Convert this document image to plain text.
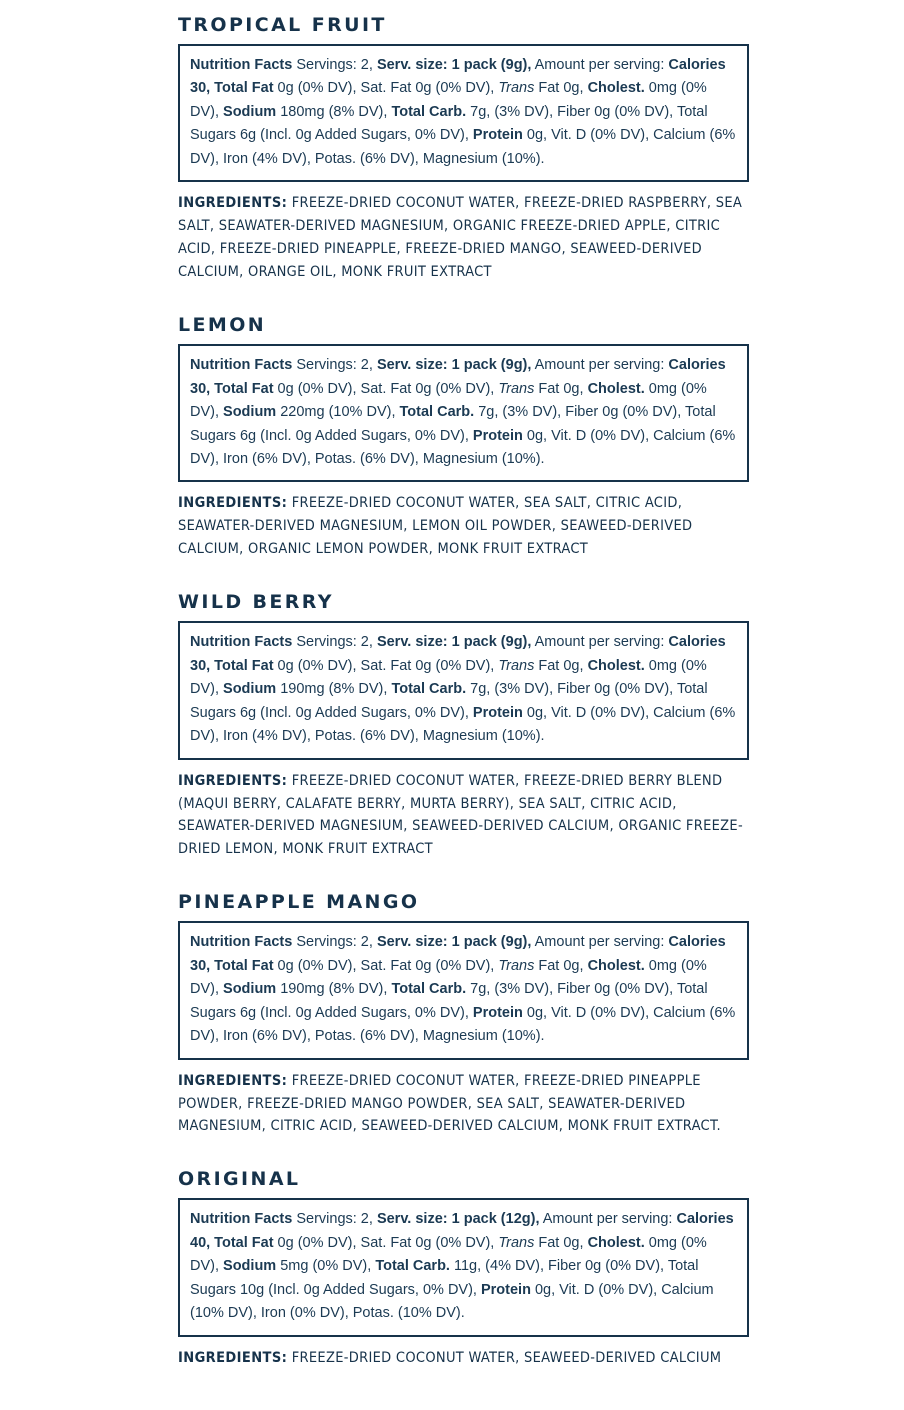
TROPICAL FRUIT

Nutrition Facts Servings: 2, Serv. size: 1 pack (9g), Amount per serving: Calories 30, Total Fat 0g (0% DV), Sat. Fat 0g (0% DV), Trans Fat 0g, Cholest. 0mg (0% DV), Sodium 180mg (8% DV), Total Carb. 7g, (3% DV), Fiber 0g (0% DV), Total Sugars 6g (Incl. 0g Added Sugars, 0% DV), Protein 0g, Vit. D (0% DV), Calcium (6% DV), Iron (4% DV), Potas. (6% DV), Magnesium (10%).

INGREDIENTS: FREEZE-DRIED COCONUT WATER, FREEZE-DRIED RASPBERRY, SEA SALT, SEAWATER-DERIVED MAGNESIUM, ORGANIC FREEZE-DRIED APPLE, CITRIC ACID, FREEZE-DRIED PINEAPPLE, FREEZE-DRIED MANGO, SEAWEED-DERIVED CALCIUM, ORANGE OIL, MONK FRUIT EXTRACT
LEMON

Nutrition Facts Servings: 2, Serv. size: 1 pack (9g), Amount per serving: Calories 30, Total Fat 0g (0% DV), Sat. Fat 0g (0% DV), Trans Fat 0g, Cholest. 0mg (0% DV), Sodium 220mg (10% DV), Total Carb. 7g, (3% DV), Fiber 0g (0% DV), Total Sugars 6g (Incl. 0g Added Sugars, 0% DV), Protein 0g, Vit. D (0% DV), Calcium (6% DV), Iron (6% DV), Potas. (6% DV), Magnesium (10%).

INGREDIENTS: FREEZE-DRIED COCONUT WATER, SEA SALT, CITRIC ACID, SEAWATER-DERIVED MAGNESIUM, LEMON OIL POWDER, SEAWEED-DERIVED CALCIUM, ORGANIC LEMON POWDER, MONK FRUIT EXTRACT
WILD BERRY

Nutrition Facts Servings: 2, Serv. size: 1 pack (9g), Amount per serving: Calories 30, Total Fat 0g (0% DV), Sat. Fat 0g (0% DV), Trans Fat 0g, Cholest. 0mg (0% DV), Sodium 190mg (8% DV), Total Carb. 7g, (3% DV), Fiber 0g (0% DV), Total Sugars 6g (Incl. 0g Added Sugars, 0% DV), Protein 0g, Vit. D (0% DV), Calcium (6% DV), Iron (4% DV), Potas. (6% DV), Magnesium (10%).

INGREDIENTS: FREEZE-DRIED COCONUT WATER, FREEZE-DRIED BERRY BLEND (MAQUI BERRY, CALAFATE BERRY, MURTA BERRY), SEA SALT, CITRIC ACID, SEAWATER-DERIVED MAGNESIUM, SEAWEED-DERIVED CALCIUM, ORGANIC FREEZE-DRIED LEMON, MONK FRUIT EXTRACT
PINEAPPLE MANGO

Nutrition Facts Servings: 2, Serv. size: 1 pack (9g), Amount per serving: Calories 30, Total Fat 0g (0% DV), Sat. Fat 0g (0% DV), Trans Fat 0g, Cholest. 0mg (0% DV), Sodium 190mg (8% DV), Total Carb. 7g, (3% DV), Fiber 0g (0% DV), Total Sugars 6g (Incl. 0g Added Sugars, 0% DV), Protein 0g, Vit. D (0% DV), Calcium (6% DV), Iron (6% DV), Potas. (6% DV), Magnesium (10%).

INGREDIENTS: FREEZE-DRIED COCONUT WATER, FREEZE-DRIED PINEAPPLE POWDER, FREEZE-DRIED MANGO POWDER, SEA SALT, SEAWATER-DERIVED MAGNESIUM, CITRIC ACID, SEAWEED-DERIVED CALCIUM, MONK FRUIT EXTRACT.
ORIGINAL

Nutrition Facts Servings: 2, Serv. size: 1 pack (12g), Amount per serving: Calories 40, Total Fat 0g (0% DV), Sat. Fat 0g (0% DV), Trans Fat 0g, Cholest. 0mg (0% DV), Sodium 5mg (0% DV), Total Carb. 11g, (4% DV), Fiber 0g (0% DV), Total Sugars 10g (Incl. 0g Added Sugars, 0% DV), Protein 0g, Vit. D (0% DV), Calcium (10% DV), Iron (0% DV), Potas. (10% DV).

INGREDIENTS: FREEZE-DRIED COCONUT WATER, SEAWEED-DERIVED CALCIUM
